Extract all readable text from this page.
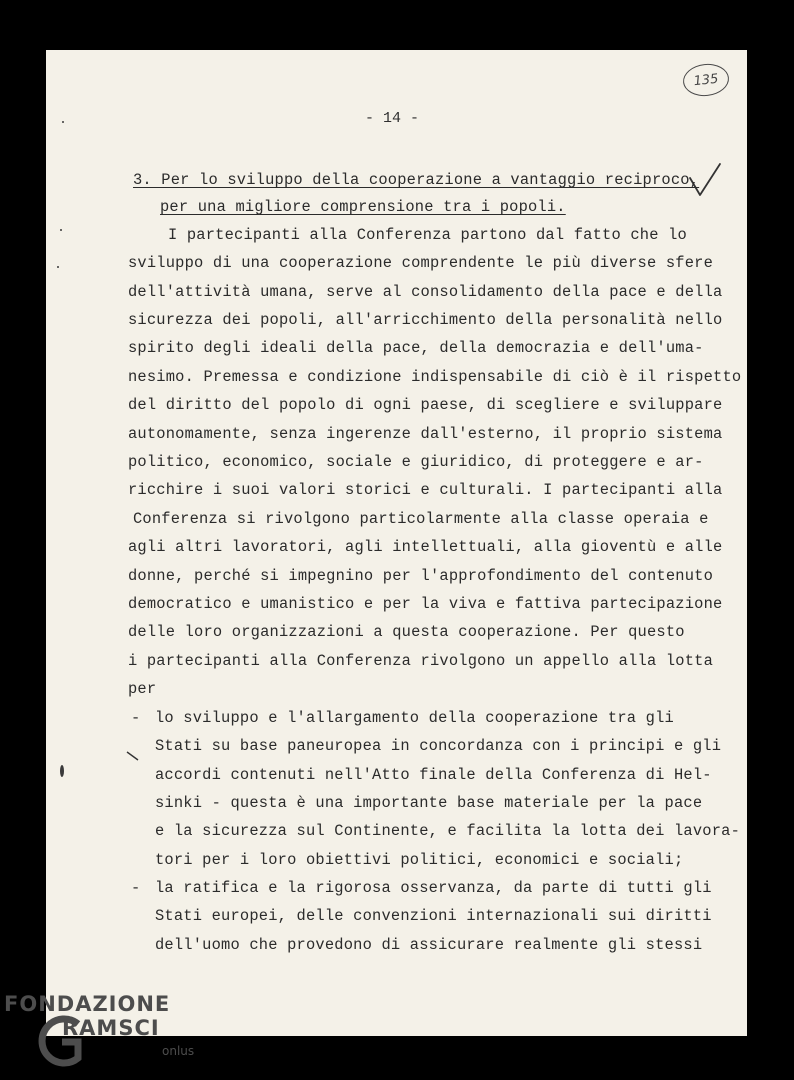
135
- 14 -
3. Per lo sviluppo della cooperazione a vantaggio reciproco,
per una migliore comprensione tra i popoli.
I partecipanti alla Conferenza partono dal fatto che lo
sviluppo di una cooperazione comprendente le più diverse sfere
dell'attività umana, serve al consolidamento della pace e della
sicurezza dei popoli, all'arricchimento della personalità nello
spirito degli ideali della pace, della democrazia e dell'uma-
nesimo. Premessa e condizione indispensabile di ciò è il rispetto
del diritto del popolo di ogni paese, di scegliere e sviluppare
autonomamente, senza ingerenze dall'esterno, il proprio sistema
politico, economico, sociale e giuridico, di proteggere e ar-
ricchire i suoi valori storici e culturali. I partecipanti alla
Conferenza si rivolgono particolarmente alla classe operaia e
agli altri lavoratori, agli intellettuali, alla gioventù e alle
donne, perché si impegnino per l'approfondimento del contenuto
democratico e umanistico e per la viva e fattiva partecipazione
delle loro organizzazioni a questa cooperazione. Per questo
i partecipanti alla Conferenza rivolgono un appello alla lotta
per
- lo sviluppo e l'allargamento della cooperazione tra gli
Stati su base paneuropea in concordanza con i principi e gli
accordi contenuti nell'Atto finale della Conferenza di Hel-
sinki - questa è una importante base materiale per la pace
e la sicurezza sul Continente, e facilita la lotta dei lavora-
tori per i loro obiettivi politici, economici e sociali;
- la ratifica e la rigorosa osservanza, da parte di tutti gli
Stati europei, delle convenzioni internazionali sui diritti
dell'uomo che provedono di assicurare realmente gli stessi
FONDAZIONE
RAMSCI
onlus
